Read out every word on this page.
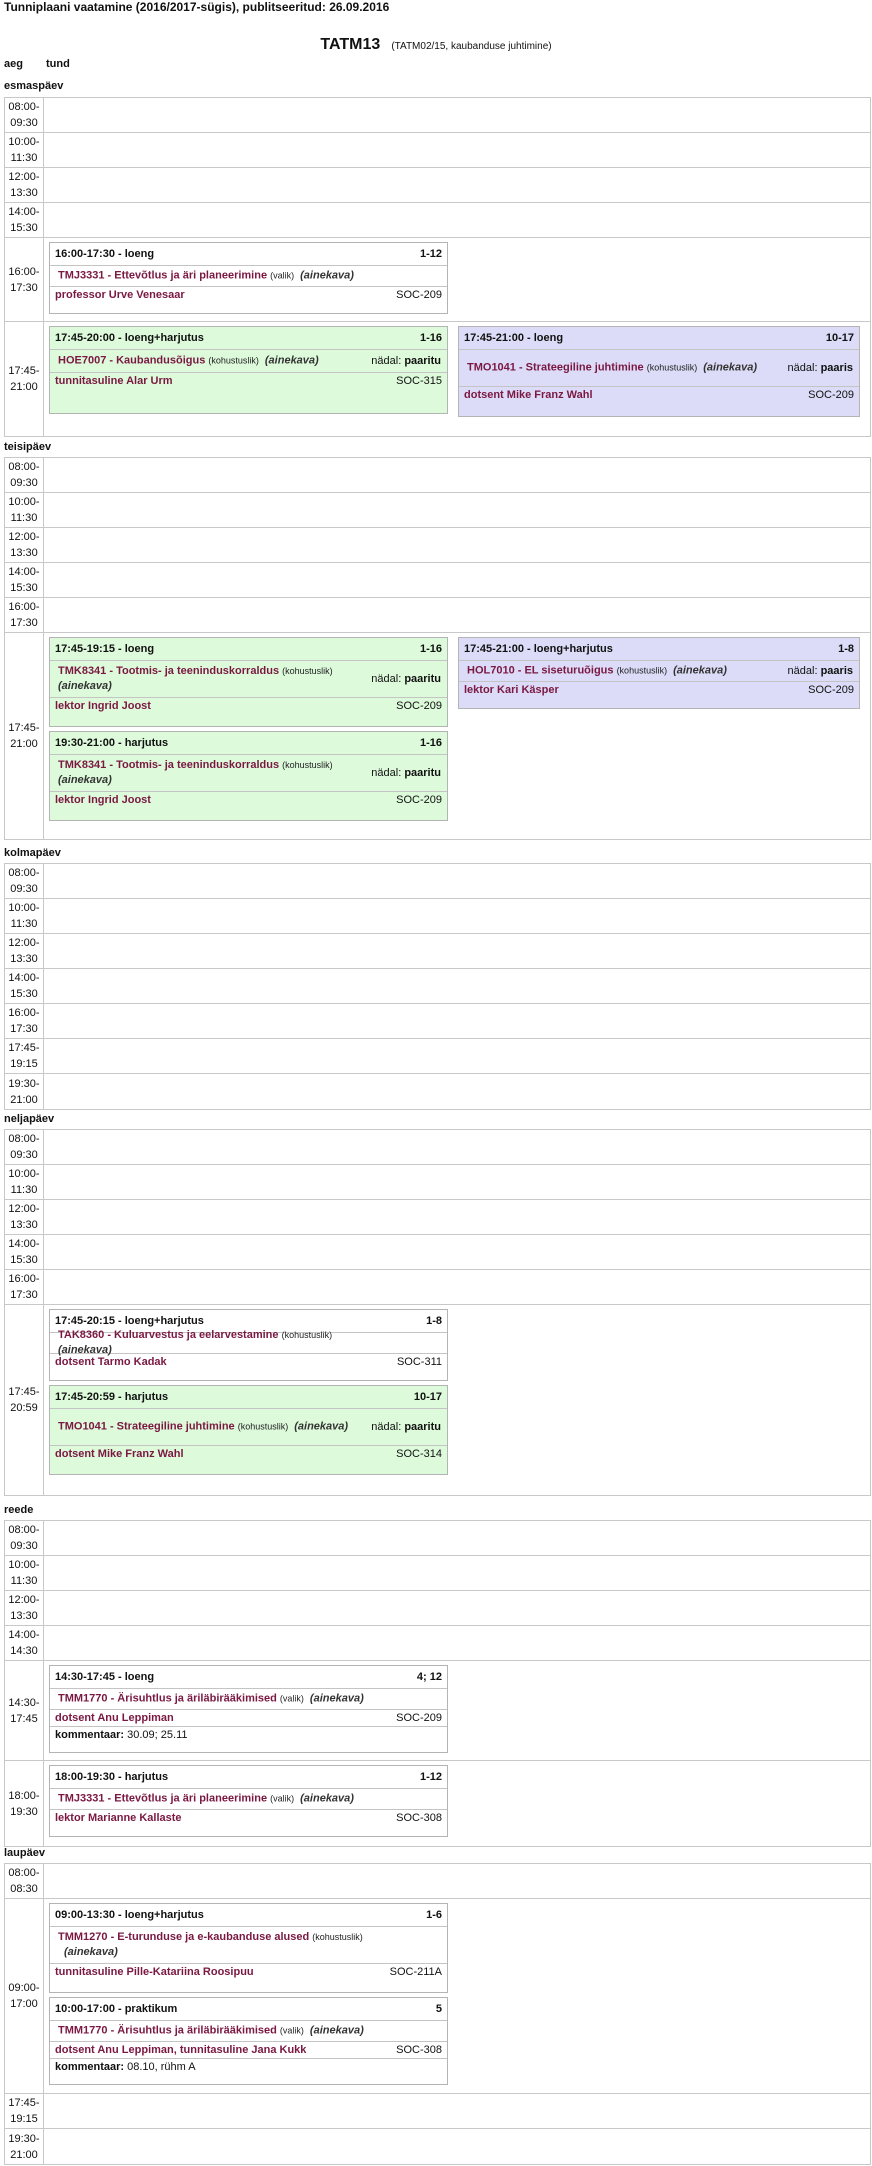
Tunniplaani vaatamine (2016/2017-sügis), publitseeritud: 26.09.2016
TATM13 (TATM02/15, kaubanduse juhtimine)
aeg tund
esmaspäev
08:00-
09:30
10:00-
11:30
12:00-
13:30
14:00-
15:30
16:00-
17:30
16:00-17:30 - loeng	1-12
TMJ3331 - Ettevõtlus ja äri planeerimine (valik) (ainekava)
professor Urve Venesaar	SOC-209
17:45-
21:00
17:45-20:00 - loeng+harjutus	1-16
HOE7007 - Kaubandusõigus (kohustuslik) (ainekava)	nädal: paaritu
tunnitasuline Alar Urm	SOC-315
17:45-21:00 - loeng	10-17
TMO1041 - Strateegiline juhtimine (kohustuslik) (ainekava)	nädal: paaris
dotsent Mike Franz Wahl	SOC-209
teisipäev
08:00-
09:30
10:00-
11:30
12:00-
13:30
14:00-
15:30
16:00-
17:30
17:45-
21:00
17:45-19:15 - loeng	1-16
TMK8341 - Tootmis- ja teeninduskorraldus (kohustuslik)(ainekava)
nädal: paaritu
lektor Ingrid Joost	SOC-209
19:30-21:00 - harjutus	1-16
TMK8341 - Tootmis- ja teeninduskorraldus (kohustuslik)(ainekava)
nädal: paaritu
lektor Ingrid Joost	SOC-209
17:45-21:00 - loeng+harjutus	1-8
HOL7010 - EL siseturuõigus (kohustuslik) (ainekava)	nädal: paaris
lektor Kari Käsper	SOC-209
kolmapäev
08:00-
09:30
10:00-
11:30
12:00-
13:30
14:00-
15:30
16:00-
17:30
17:45-
19:15
19:30-
21:00
neljapäev
08:00-
09:30
10:00-
11:30
12:00-
13:30
14:00-
15:30
16:00-
17:30
17:45-
20:59
17:45-20:15 - loeng+harjutus	1-8
TAK8360 - Kuluarvestus ja eelarvestamine (kohustuslik)(ainekava)
dotsent Tarmo Kadak	SOC-311
17:45-20:59 - harjutus	10-17
TMO1041 - Strateegiline juhtimine (kohustuslik) (ainekava)	nädal: paaritu
dotsent Mike Franz Wahl	SOC-314
reede
08:00-
09:30
10:00-
11:30
12:00-
13:30
14:00-
14:30
14:30-
17:45
14:30-17:45 - loeng	4; 12
TMM1770 - Ärisuhtlus ja äriläbirääkimised (valik) (ainekava)
dotsent Anu Leppiman	SOC-209
kommentaar: 30.09; 25.11
18:00-
19:30
18:00-19:30 - harjutus	1-12
TMJ3331 - Ettevõtlus ja äri planeerimine (valik) (ainekava)
lektor Marianne Kallaste	SOC-308
laupäev
08:00-
08:30
09:00-
17:00
09:00-13:30 - loeng+harjutus	1-6
TMM1270 - E-turunduse ja e-kaubanduse alused (kohustuslik)(ainekava)
tunnitasuline Pille-Katariina Roosipuu	SOC-211A
10:00-17:00 - praktikum	5
TMM1770 - Ärisuhtlus ja äriläbirääkimised (valik) (ainekava)
dotsent Anu Leppiman, tunnitasuline Jana Kukk	SOC-308
kommentaar: 08.10, rühm A
17:45-
19:15
19:30-
21:00
